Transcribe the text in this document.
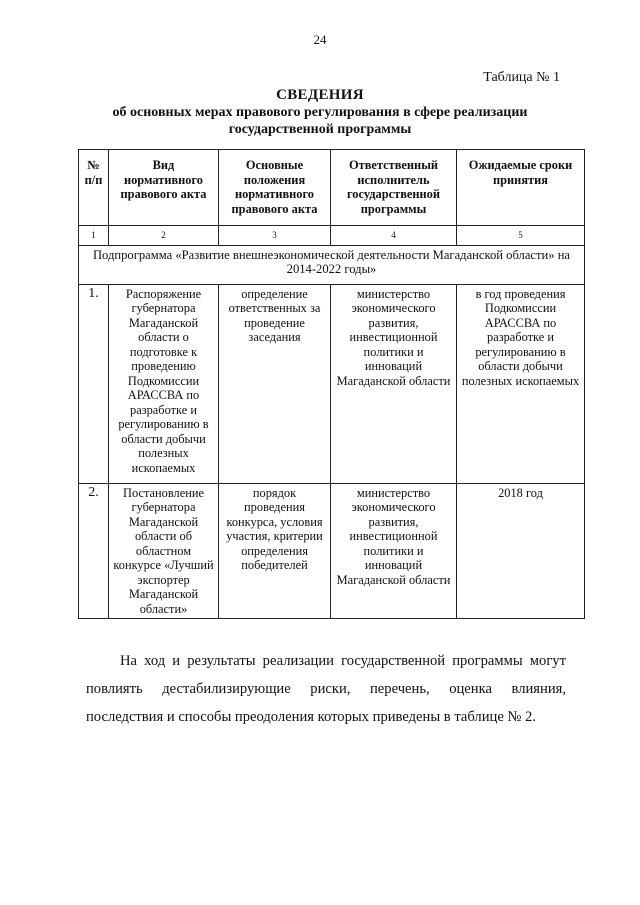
24
Таблица № 1
СВЕДЕНИЯ
об основных мерах правового регулирования в сфере реализации государственной программы
№ п/п	Вид нормативного правового акта	Основные положения нормативного правового акта	Ответственный исполнитель государственной программы	Ожидаемые сроки принятия
1	2	3	4	5
Подпрограмма «Развитие внешнеэкономической деятельности Магаданской области» на 2014-2022 годы»				
1.	Распоряжение губернатора Магаданской области о подготовке к проведению Подкомиссии АРАССВА по разработке и регулированию в области добычи полезных ископаемых	определение ответственных за проведение заседания	министерство экономического развития, инвестиционной политики и инноваций Магаданской области	в год проведения Подкомиссии АРАССВА по разработке и регулированию в области добычи полезных ископаемых
2.	Постановление губернатора Магаданской области об областном конкурсе «Лучший экспортер Магаданской области»	порядок проведения конкурса, условия участия, критерии определения победителей	министерство экономического развития, инвестиционной политики и инноваций Магаданской области	2018 год
На ход и результаты реализации государственной программы могут повлиять дестабилизирующие риски, перечень, оценка влияния, последствия и способы преодоления которых приведены в таблице № 2.
